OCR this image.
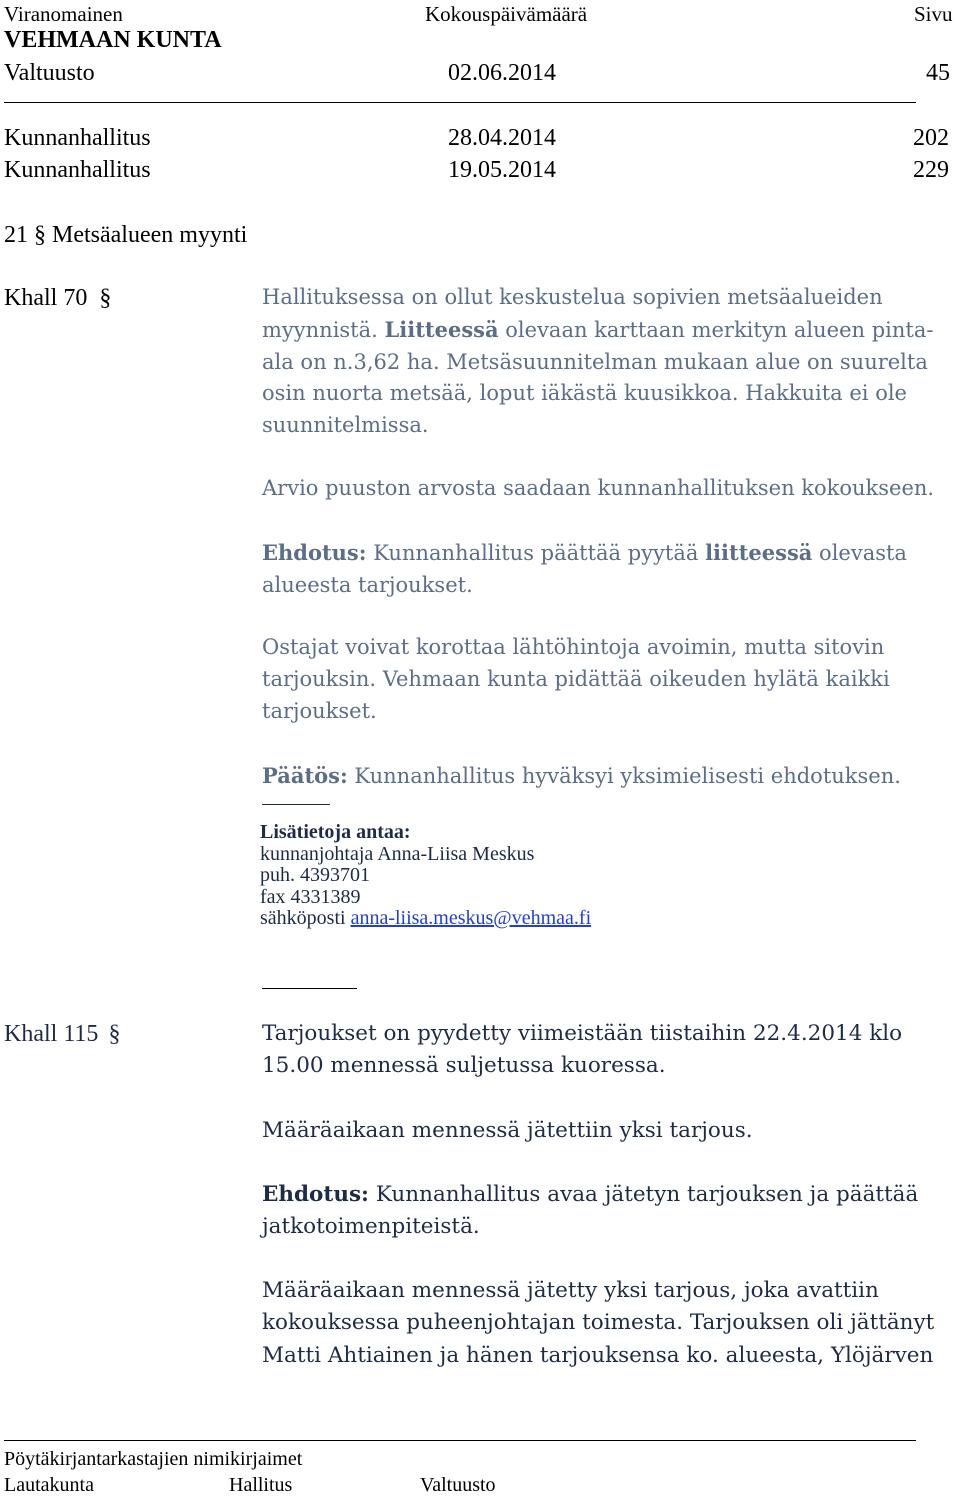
Viranomainen	Kokouspäivämäärä	Sivu
VEHMAAN KUNTA
Valtuusto	02.06.2014	45
Kunnanhallitus	28.04.2014	202
Kunnanhallitus	19.05.2014	229
21 § Metsäalueen myynti
Khall 70 §	Hallituksessa on ollut keskustelua sopivien metsäalueiden
myynnistä. Liitteessä olevaan karttaan merkityn alueen pinta-
ala on n.3,62 ha. Metsäsuunnitelman mukaan alue on suurelta
osin nuorta metsää, loput iäkästä kuusikkoa. Hakkuita ei ole
suunnitelmissa.
Arvio puuston arvosta saadaan kunnanhallituksen kokoukseen.
Ehdotus: Kunnanhallitus päättää pyytää liitteessä olevasta
alueesta tarjoukset.
Ostajat voivat korottaa lähtöhintoja avoimin, mutta sitovin
tarjouksin. Vehmaan kunta pidättää oikeuden hylätä kaikki
tarjoukset.
Päätös: Kunnanhallitus hyväksyi yksimielisesti ehdotuksen.
Lisätietoja antaa:
kunnanjohtaja Anna-Liisa Meskus
puh. 4393701
fax 4331389
sähköposti anna-liisa.meskus@vehmaa.fi
Khall 115 §	Tarjoukset on pyydetty viimeistään tiistaihin 22.4.2014 klo
15.00 mennessä suljetussa kuoressa.
Määräaikaan mennessä jätettiin yksi tarjous.
Ehdotus: Kunnanhallitus avaa jätetyn tarjouksen ja päättää
jatkotoimenpiteistä.
Määräaikaan mennessä jätetty yksi tarjous, joka avattiin
kokouksessa puheenjohtajan toimesta. Tarjouksen oli jättänyt
Matti Ahtiainen ja hänen tarjouksensa ko. alueesta, Ylöjärven
Pöytäkirjantarkastajien nimikirjaimet
Lautakunta	Hallitus	Valtuusto
